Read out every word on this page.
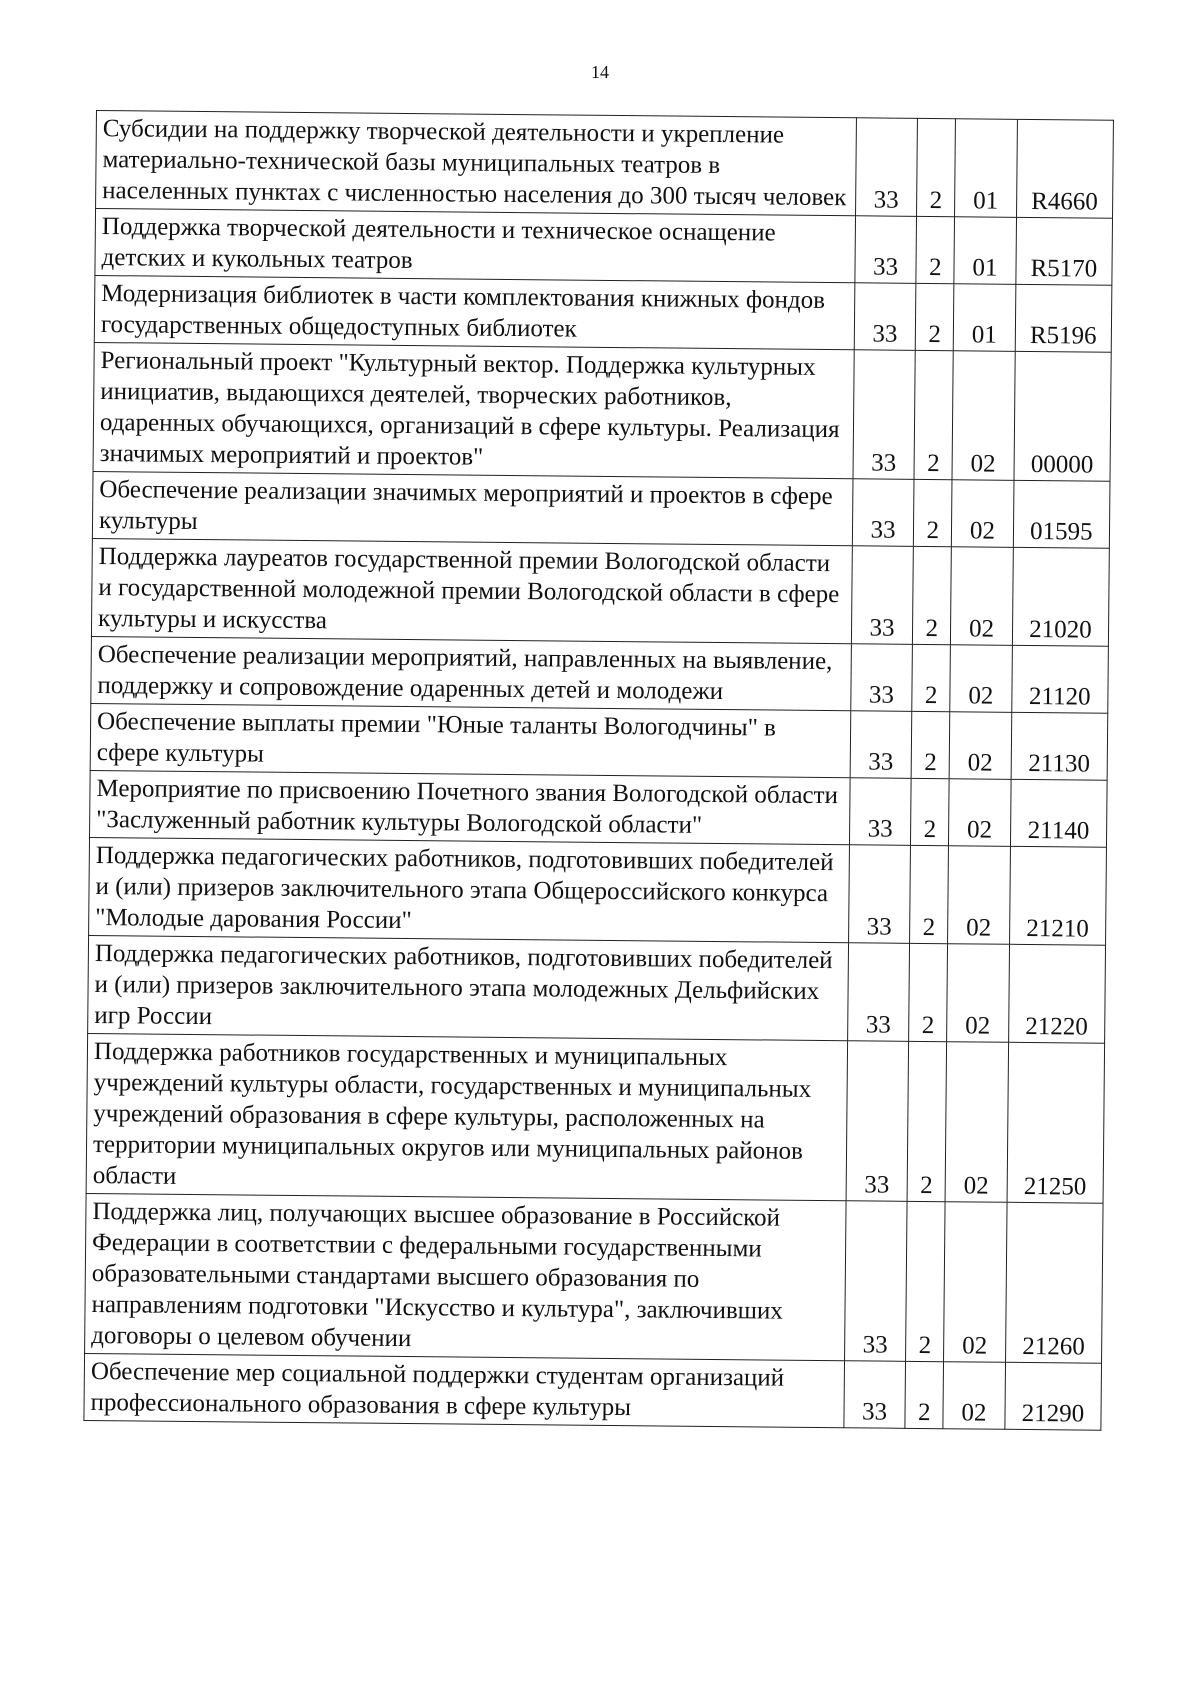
14
Субсидии на поддержку творческой деятельности и укрепление материально-технической базы муниципальных театров в населенных пунктах с численностью населения до 300 тысяч человек	33	2	01	R4660
Поддержка творческой деятельности и техническое оснащение детских и кукольных театров	33	2	01	R5170
Модернизация библиотек в части комплектования книжных фондов государственных общедоступных библиотек	33	2	01	R5196
Региональный проект "Культурный вектор. Поддержка культурных инициатив, выдающихся деятелей, творческих работников, одаренных обучающихся, организаций в сфере культуры. Реализация значимых мероприятий и проектов"	33	2	02	00000
Обеспечение реализации значимых мероприятий и проектов в сфере культуры	33	2	02	01595
Поддержка лауреатов государственной премии Вологодской области и государственной молодежной премии Вологодской области в сфере культуры и искусства	33	2	02	21020
Обеспечение реализации мероприятий, направленных на выявление, поддержку и сопровождение одаренных детей и молодежи	33	2	02	21120
Обеспечение выплаты премии "Юные таланты Вологодчины" в сфере культуры	33	2	02	21130
Мероприятие по присвоению Почетного звания Вологодской области "Заслуженный работник культуры Вологодской области"	33	2	02	21140
Поддержка педагогических работников, подготовивших победителей и (или) призеров заключительного этапа Общероссийского конкурса "Молодые дарования России"	33	2	02	21210
Поддержка педагогических работников, подготовивших победителей и (или) призеров заключительного этапа молодежных Дельфийских игр России	33	2	02	21220
Поддержка работников государственных и муниципальных учреждений культуры области, государственных и муниципальных учреждений образования в сфере культуры, расположенных на территории муниципальных округов или муниципальных районов области	33	2	02	21250
Поддержка лиц, получающих высшее образование в Российской Федерации в соответствии с федеральными государственными образовательными стандартами высшего образования по направлениям подготовки "Искусство и культура", заключивших договоры о целевом обучении	33	2	02	21260
Обеспечение мер социальной поддержки студентам организаций профессионального образования в сфере культуры	33	2	02	21290
